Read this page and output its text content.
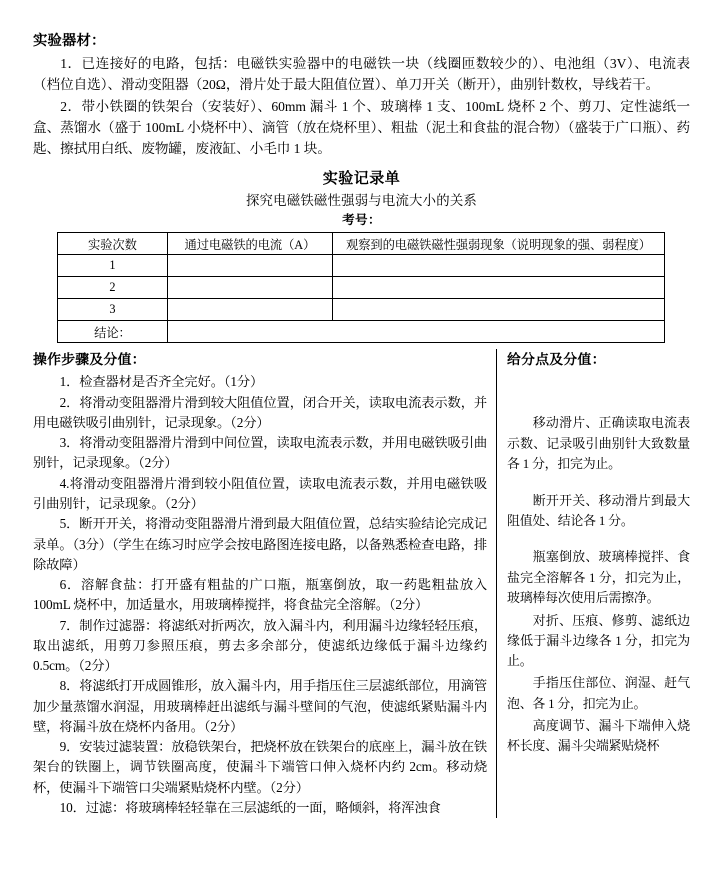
实验器材：
1．已连接好的电路，包括：电磁铁实验器中的电磁铁一块（线圈匝数较少的）、电池组（3V）、电流表（档位自选）、滑动变阻器（20Ω，滑片处于最大阻值位置）、单刀开关（断开），曲别针数枚，导线若干。
2．带小铁圈的铁架台（安装好）、60mm 漏斗 1 个、玻璃棒 1 支、100mL 烧杯 2 个、剪刀、定性滤纸一盒、蒸馏水（盛于 100mL 小烧杯中）、滴管（放在烧杯里）、粗盐（泥土和食盐的混合物）（盛装于广口瓶）、药匙、擦拭用白纸、废物罐，废液缸、小毛巾 1 块。
实验记录单
探究电磁铁磁性强弱与电流大小的关系
考号：
实验次数	通过电磁铁的电流（A）	观察到的电磁铁磁性强弱现象（说明现象的强、弱程度）
1		
2		
3		
结论：		
操作步骤及分值：
1．检查器材是否齐全完好。（1分）
2．将滑动变阻器滑片滑到较大阻值位置，闭合开关，读取电流表示数，并用电磁铁吸引曲别针，记录现象。（2分）
3．将滑动变阻器滑片滑到中间位置，读取电流表示数，并用电磁铁吸引曲别针，记录现象。（2分）
4.将滑动变阻器滑片滑到较小阻值位置，读取电流表示数，并用电磁铁吸引曲别针，记录现象。（2分）
5．断开开关，将滑动变阻器滑片滑到最大阻值位置，总结实验结论完成记录单。（3分）（学生在练习时应学会按电路图连接电路，以备熟悉检查电路，排除故障）
6．溶解食盐：打开盛有粗盐的广口瓶，瓶塞倒放，取一药匙粗盐放入 100mL 烧杯中，加适量水，用玻璃棒搅拌，将食盐完全溶解。（2分）
7．制作过滤器：将滤纸对折两次，放入漏斗内，利用漏斗边缘轻轻压痕，取出滤纸，用剪刀参照压痕，剪去多余部分，使滤纸边缘低于漏斗边缘约0.5cm。（2分）
8．将滤纸打开成圆锥形，放入漏斗内，用手指压住三层滤纸部位，用滴管加少量蒸馏水润湿，用玻璃棒赶出滤纸与漏斗壁间的气泡，使滤纸紧贴漏斗内壁，将漏斗放在烧杯内备用。（2分）
9．安装过滤装置：放稳铁架台，把烧杯放在铁架台的底座上，漏斗放在铁架台的铁圈上，调节铁圈高度，使漏斗下端管口伸入烧杯内约 2cm。移动烧杯，使漏斗下端管口尖端紧贴烧杯内壁。（2分）
10．过滤：将玻璃棒轻轻靠在三层滤纸的一面，略倾斜，将浑浊食
给分点及分值：
移动滑片、正确读取电流表示数、记录吸引曲别针大致数量各 1 分，扣完为止。
断开开关、移动滑片到最大阻值处、结论各 1 分。
瓶塞倒放、玻璃棒搅拌、食盐完全溶解各 1 分，扣完为止，玻璃棒每次使用后需擦净。
对折、压痕、修剪、滤纸边缘低于漏斗边缘各 1 分，扣完为止。
手指压住部位、润湿、赶气泡、各 1 分，扣完为止。
高度调节、漏斗下端伸入烧杯长度、漏斗尖端紧贴烧杯
